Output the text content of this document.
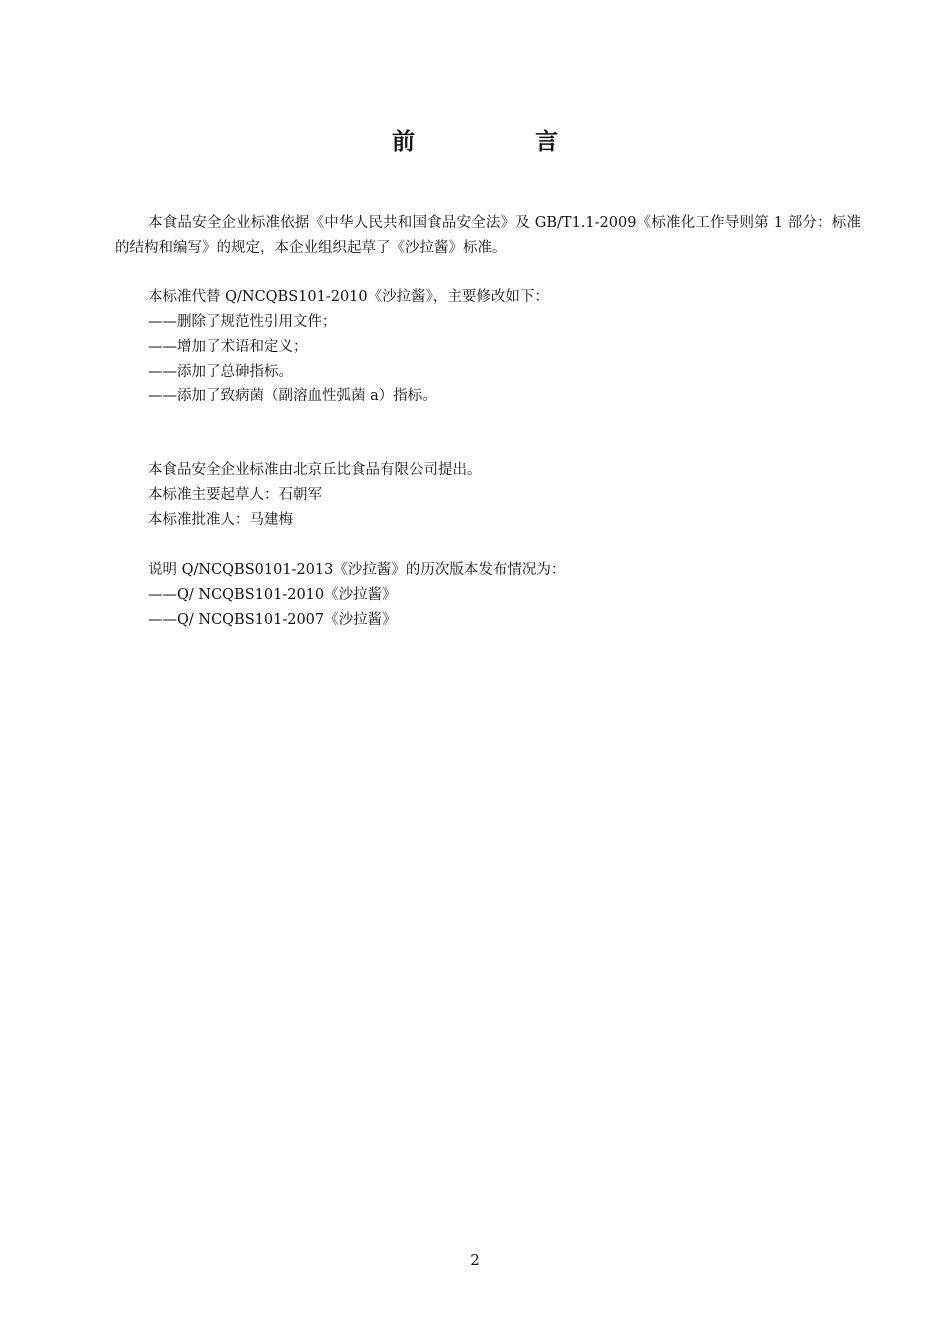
前 言
本食品安全企业标准依据《中华人民共和国食品安全法》及 GB/T1.1-2009《标准化工作导则第 1 部分：标准的结构和编写》的规定，本企业组织起草了《沙拉酱》标准。
本标准代替 Q/NCQBS101-2010《沙拉酱》，主要修改如下：
——删除了规范性引用文件；
——增加了术语和定义；
——添加了总砷指标。
——添加了致病菌（副溶血性弧菌 a）指标。
本食品安全企业标准由北京丘比食品有限公司提出。
本标准主要起草人：石朝军
本标准批准人：马建梅
说明 Q/NCQBS0101-2013《沙拉酱》的历次版本发布情况为：
——Q/ NCQBS101-2010《沙拉酱》
——Q/ NCQBS101-2007《沙拉酱》
2
